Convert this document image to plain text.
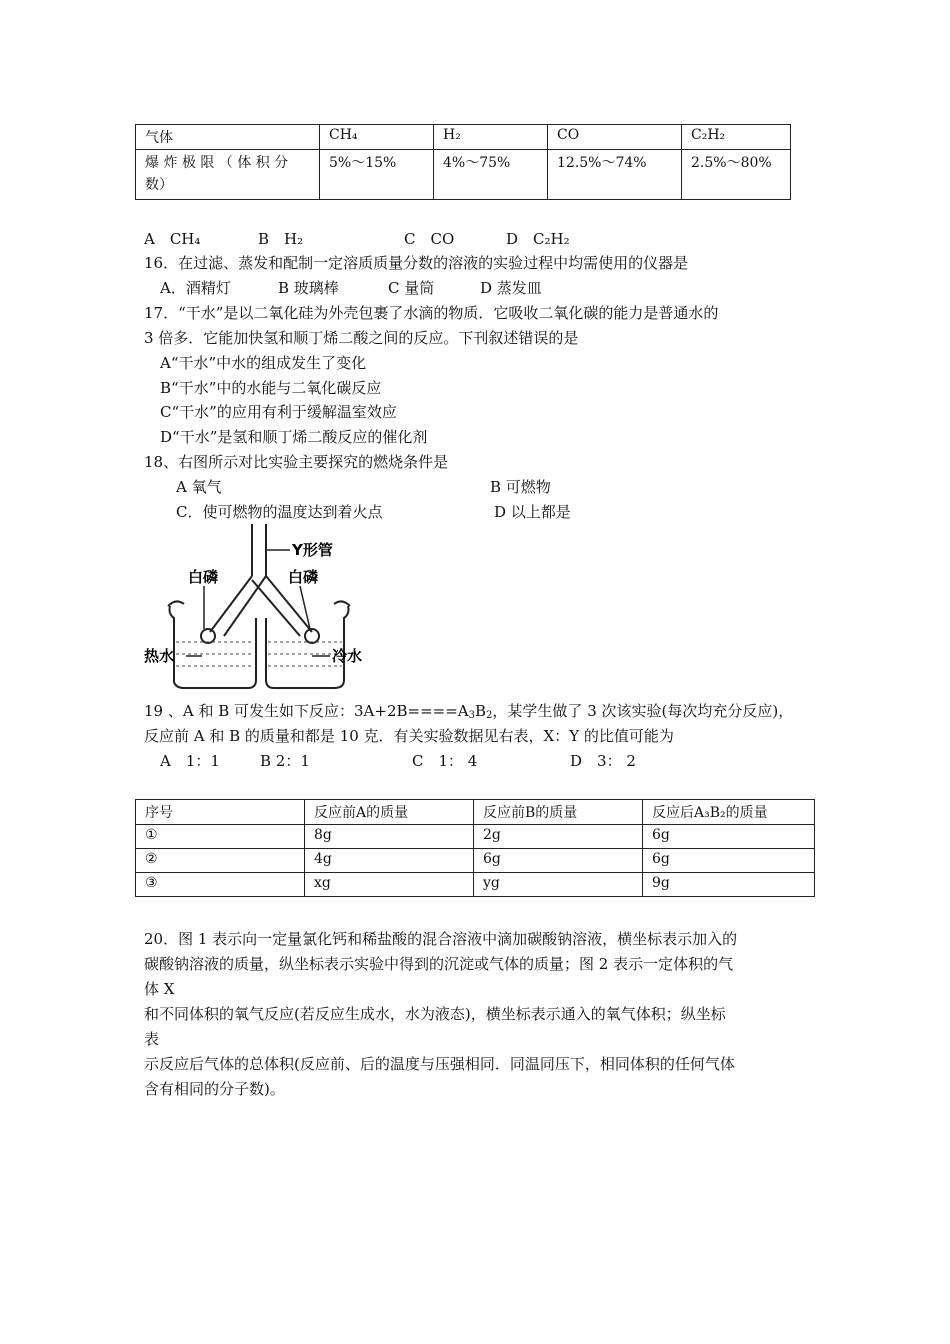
气体	CH₄	H₂	CO	C₂H₂

爆 炸 极 限 （ 体 积 分
数）	5%～15%	4%～75%	12.5%～74%	2.5%～80%
A　CH₄	B　H₂	C　CO	D　C₂H₂
16．在过滤、蒸发和配制一定溶质质量分数的溶液的实验过程中均需使用的仪器是
A．酒精灯	B 玻璃棒	C 量筒	D 蒸发皿
17．“干水”是以二氧化硅为外壳包裹了水滴的物质．它吸收二氧化碳的能力是普通水的
3 倍多．它能加快氢和顺丁烯二酸之间的反应。下刊叙述错误的是
A“干水”中水的组成发生了变化
B“干水”中的水能与二氧化碳反应
C“干水”的应用有利于缓解温室效应
D“干水”是氢和顺丁烯二酸反应的催化剂
18、右图所示对比实验主要探究的燃烧条件是
A 氧气	B 可燃物
C．使可燃物的温度达到着火点	D 以上都是
Y形管
白磷	白磷
热水	冷水
19 、A 和 B 可发生如下反应：$3A+2B====A_3B_2$，某学生做了 3 次该实验(每次均充分反应)，
反应前 A 和 B 的质量和都是 10 克．有关实验数据见右表，X：Y 的比值可能为
A　1：1	B 2：1	C　1： 4	D　3： 2
序号	反应前A的质量	反应前B的质量	反应后A₃B₂的质量
①	8g	2g	6g
②	4g	6g	6g
③	xg	yg	9g
20．图 1 表示向一定量氯化钙和稀盐酸的混合溶液中滴加碳酸钠溶液，横坐标表示加入的
碳酸钠溶液的质量，纵坐标表示实验中得到的沉淀或气体的质量；图 2 表示一定体积的气
体 X
和不同体积的氧气反应(若反应生成水，水为液态)，横坐标表示通入的氧气体积；纵坐标
表
示反应后气体的总体积(反应前、后的温度与压强相同．同温同压下，相同体积的任何气体
含有相同的分子数)。
